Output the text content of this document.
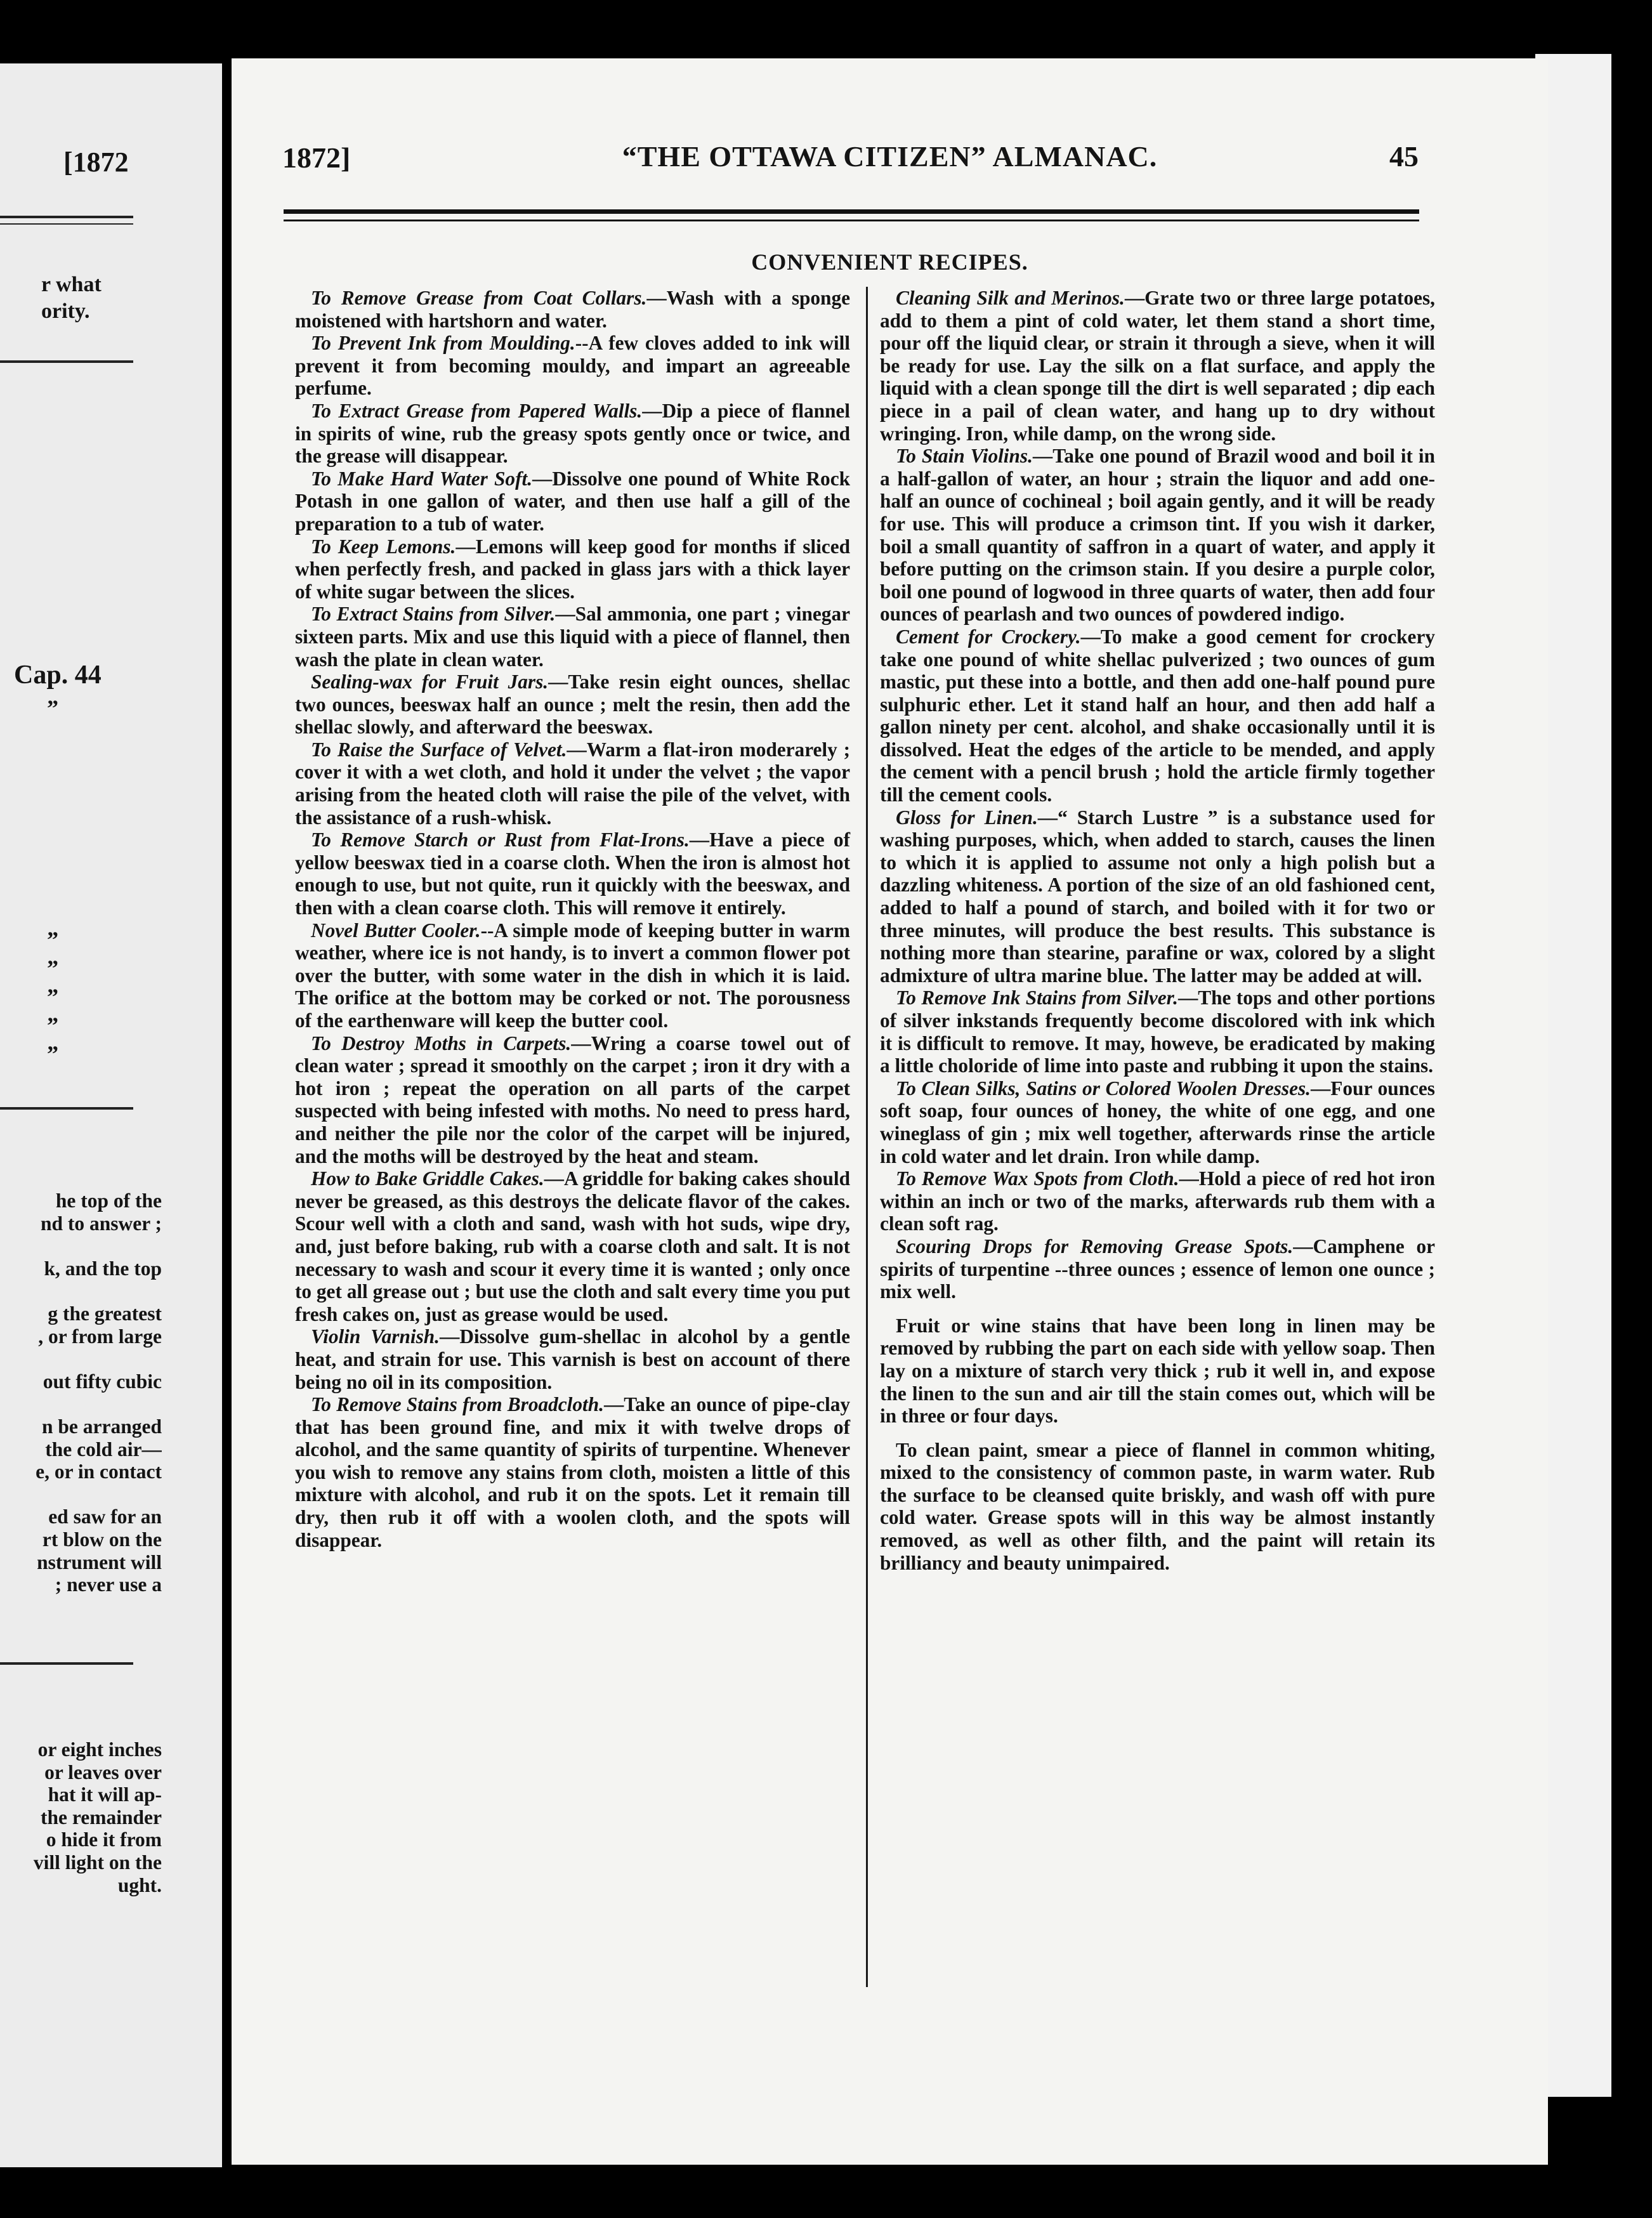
[1872
r what
ority.
Cap. 44
”
”
”
”
”
”
he top of the
nd to answer ;
k, and the top
g the greatest
, or from large
out fifty cubic
n be arranged
the cold air—
e, or in contact
ed saw for an
rt blow on the
nstrument will
; never use a
or eight inches
or leaves over
hat it will ap-
the remainder
o hide it from
vill light on the
ught.
1872]	“THE OTTAWA CITIZEN” ALMANAC.	45
CONVENIENT RECIPES.

To Remove Grease from Coat Collars.—Wash with a sponge moistened with hartshorn and water.

To Prevent Ink from Moulding.--A few cloves added to ink will prevent it from becoming mouldy, and impart an agreeable perfume.

To Extract Grease from Papered Walls.—Dip a piece of flannel in spirits of wine, rub the greasy spots gently once or twice, and the grease will disappear.

To Make Hard Water Soft.—Dissolve one pound of White Rock Potash in one gallon of water, and then use half a gill of the preparation to a tub of water.

To Keep Lemons.—Lemons will keep good for months if sliced when perfectly fresh, and packed in glass jars with a thick layer of white sugar between the slices.

To Extract Stains from Silver.—Sal ammonia, one part ; vinegar sixteen parts. Mix and use this liquid with a piece of flannel, then wash the plate in clean water.

Sealing-wax for Fruit Jars.—Take resin eight ounces, shellac two ounces, beeswax half an ounce ; melt the resin, then add the shellac slowly, and afterward the beeswax.

To Raise the Surface of Velvet.—Warm a flat-iron moderarely ; cover it with a wet cloth, and hold it under the velvet ; the vapor arising from the heated cloth will raise the pile of the velvet, with the assistance of a rush-whisk.

To Remove Starch or Rust from Flat-Irons.—Have a piece of yellow beeswax tied in a coarse cloth. When the iron is almost hot enough to use, but not quite, run it quickly with the beeswax, and then with a clean coarse cloth. This will remove it entirely.

Novel Butter Cooler.--A simple mode of keeping butter in warm weather, where ice is not handy, is to invert a common flower pot over the butter, with some water in the dish in which it is laid. The orifice at the bottom may be corked or not. The porousness of the earthenware will keep the butter cool.

To Destroy Moths in Carpets.—Wring a coarse towel out of clean water ; spread it smoothly on the carpet ; iron it dry with a hot iron ; repeat the operation on all parts of the carpet suspected with being infested with moths. No need to press hard, and neither the pile nor the color of the carpet will be injured, and the moths will be destroyed by the heat and steam.

How to Bake Griddle Cakes.—A griddle for baking cakes should never be greased, as this destroys the delicate flavor of the cakes. Scour well with a cloth and sand, wash with hot suds, wipe dry, and, just before baking, rub with a coarse cloth and salt. It is not necessary to wash and scour it every time it is wanted ; only once to get all grease out ; but use the cloth and salt every time you put fresh cakes on, just as grease would be used.

Violin Varnish.—Dissolve gum-shellac in alcohol by a gentle heat, and strain for use. This varnish is best on account of there being no oil in its composition.

To Remove Stains from Broadcloth.—Take an ounce of pipe-clay that has been ground fine, and mix it with twelve drops of alcohol, and the same quantity of spirits of turpentine. Whenever you wish to remove any stains from cloth, moisten a little of this mixture with alcohol, and rub it on the spots. Let it remain till dry, then rub it off with a woolen cloth, and the spots will disappear.

Cleaning Silk and Merinos.—Grate two or three large potatoes, add to them a pint of cold water, let them stand a short time, pour off the liquid clear, or strain it through a sieve, when it will be ready for use. Lay the silk on a flat surface, and apply the liquid with a clean sponge till the dirt is well separated ; dip each piece in a pail of clean water, and hang up to dry without wringing. Iron, while damp, on the wrong side.

To Stain Violins.—Take one pound of Brazil wood and boil it in a half-gallon of water, an hour ; strain the liquor and add one-half an ounce of cochineal ; boil again gently, and it will be ready for use. This will produce a crimson tint. If you wish it darker, boil a small quantity of saffron in a quart of water, and apply it before putting on the crimson stain. If you desire a purple color, boil one pound of logwood in three quarts of water, then add four ounces of pearlash and two ounces of powdered indigo.

Cement for Crockery.—To make a good cement for crockery take one pound of white shellac pulverized ; two ounces of gum mastic, put these into a bottle, and then add one-half pound pure sulphuric ether. Let it stand half an hour, and then add half a gallon ninety per cent. alcohol, and shake occasionally until it is dissolved. Heat the edges of the article to be mended, and apply the cement with a pencil brush ; hold the article firmly together till the cement cools.

Gloss for Linen.—“ Starch Lustre ” is a substance used for washing purposes, which, when added to starch, causes the linen to which it is applied to assume not only a high polish but a dazzling whiteness. A portion of the size of an old fashioned cent, added to half a pound of starch, and boiled with it for two or three minutes, will produce the best results. This substance is nothing more than stearine, parafine or wax, colored by a slight admixture of ultra marine blue. The latter may be added at will.

To Remove Ink Stains from Silver.—The tops and other portions of silver inkstands frequently become discolored with ink which it is difficult to remove. It may, howeve, be eradicated by making a little choloride of lime into paste and rubbing it upon the stains.

To Clean Silks, Satins or Colored Woolen Dresses.—Four ounces soft soap, four ounces of honey, the white of one egg, and one wineglass of gin ; mix well together, afterwards rinse the article in cold water and let drain. Iron while damp.

To Remove Wax Spots from Cloth.—Hold a piece of red hot iron within an inch or two of the marks, afterwards rub them with a clean soft rag.

Scouring Drops for Removing Grease Spots.—Camphene or spirits of turpentine --three ounces ; essence of lemon one ounce ; mix well.

Fruit or wine stains that have been long in linen may be removed by rubbing the part on each side with yellow soap. Then lay on a mixture of starch very thick ; rub it well in, and expose the linen to the sun and air till the stain comes out, which will be in three or four days.

To clean paint, smear a piece of flannel in common whiting, mixed to the consistency of common paste, in warm water. Rub the surface to be cleansed quite briskly, and wash off with pure cold water. Grease spots will in this way be almost instantly removed, as well as other filth, and the paint will retain its brilliancy and beauty unimpaired.
